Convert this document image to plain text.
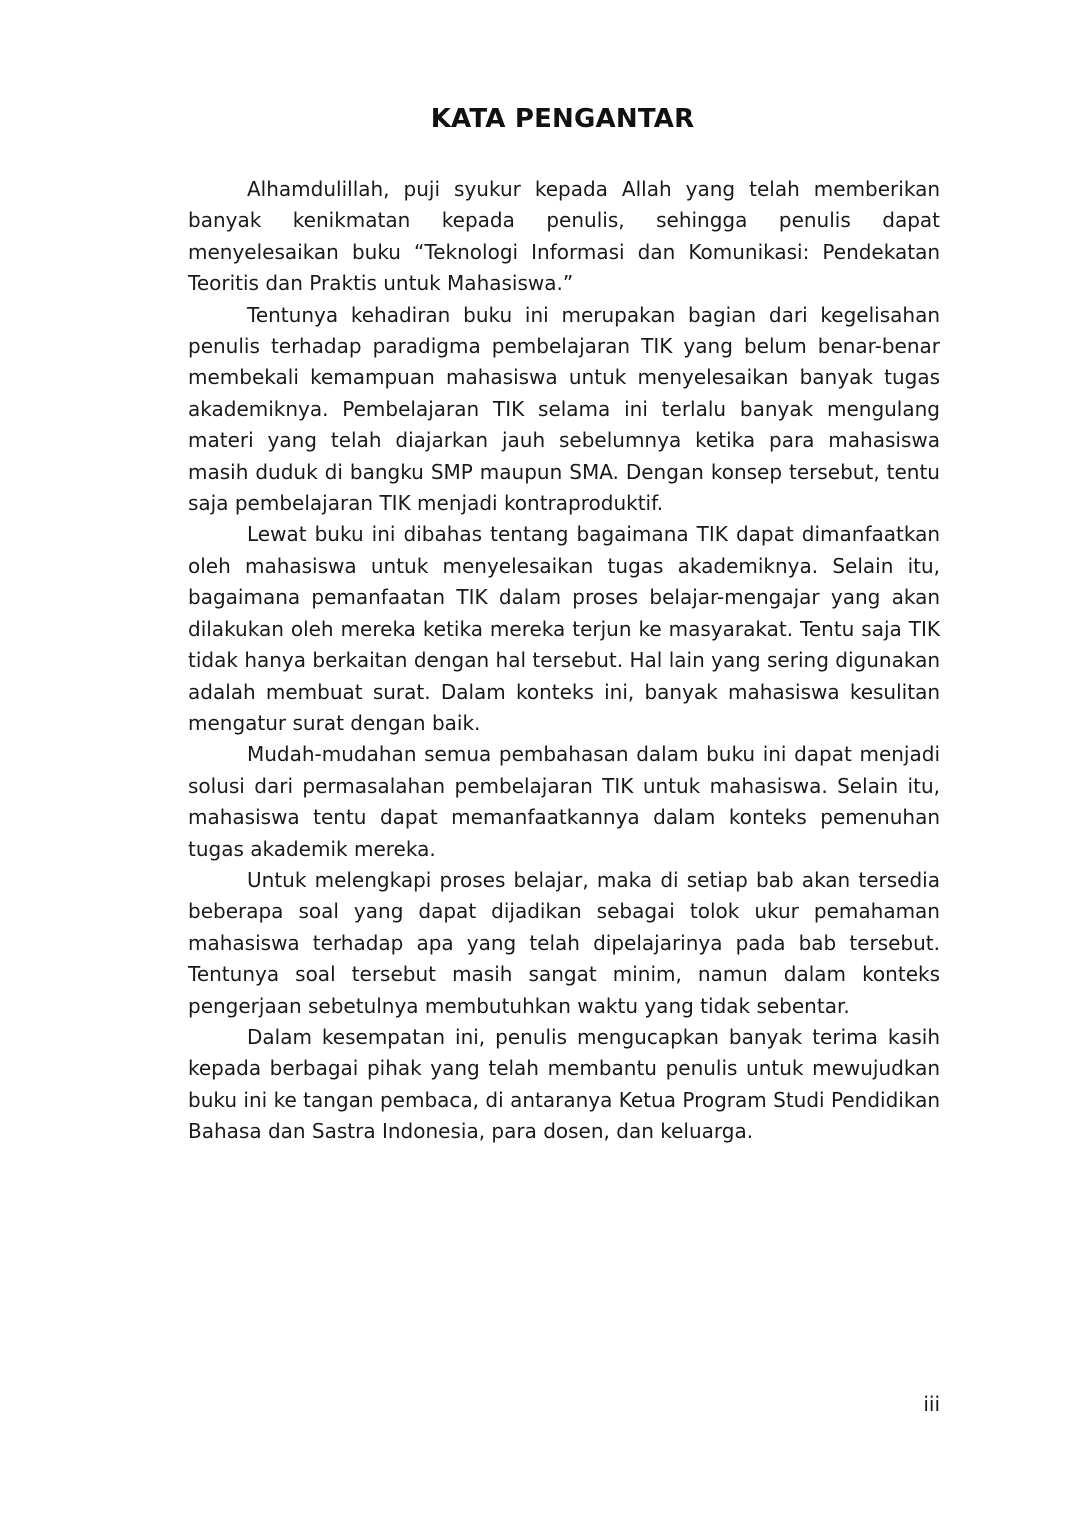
KATA PENGANTAR

Alhamdulillah, puji syukur kepada Allah yang telah memberikan banyak kenikmatan kepada penulis, sehingga penulis dapat menyelesaikan buku “Teknologi Informasi dan Komunikasi: Pendekatan Teoritis dan Praktis untuk Mahasiswa.”

Tentunya kehadiran buku ini merupakan bagian dari kegelisahan penulis terhadap paradigma pembelajaran TIK yang belum benar-benar membekali kemampuan mahasiswa untuk menyelesaikan banyak tugas akademiknya. Pembelajaran TIK selama ini terlalu banyak mengulang materi yang telah diajarkan jauh sebelumnya ketika para mahasiswa masih duduk di bangku SMP maupun SMA. Dengan konsep tersebut, tentu saja pembelajaran TIK menjadi kontraproduktif.

Lewat buku ini dibahas tentang bagaimana TIK dapat dimanfaatkan oleh mahasiswa untuk menyelesaikan tugas akademiknya. Selain itu, bagaimana pemanfaatan TIK dalam proses belajar-mengajar yang akan dilakukan oleh mereka ketika mereka terjun ke masyarakat. Tentu saja TIK tidak hanya berkaitan dengan hal tersebut. Hal lain yang sering digunakan adalah membuat surat. Dalam konteks ini, banyak mahasiswa kesulitan mengatur surat dengan baik.

Mudah-mudahan semua pembahasan dalam buku ini dapat menjadi solusi dari permasalahan pembelajaran TIK untuk mahasiswa. Selain itu, mahasiswa tentu dapat memanfaatkannya dalam konteks pemenuhan tugas akademik mereka.

Untuk melengkapi proses belajar, maka di setiap bab akan tersedia beberapa soal yang dapat dijadikan sebagai tolok ukur pemahaman mahasiswa terhadap apa yang telah dipelajarinya pada bab tersebut. Tentunya soal tersebut masih sangat minim, namun dalam konteks pengerjaan sebetulnya membutuhkan waktu yang tidak sebentar.

Dalam kesempatan ini, penulis mengucapkan banyak terima kasih kepada berbagai pihak yang telah membantu penulis untuk mewujudkan buku ini ke tangan pembaca, di antaranya Ketua Program Studi Pendidikan Bahasa dan Sastra Indonesia, para dosen, dan keluarga.

iii
